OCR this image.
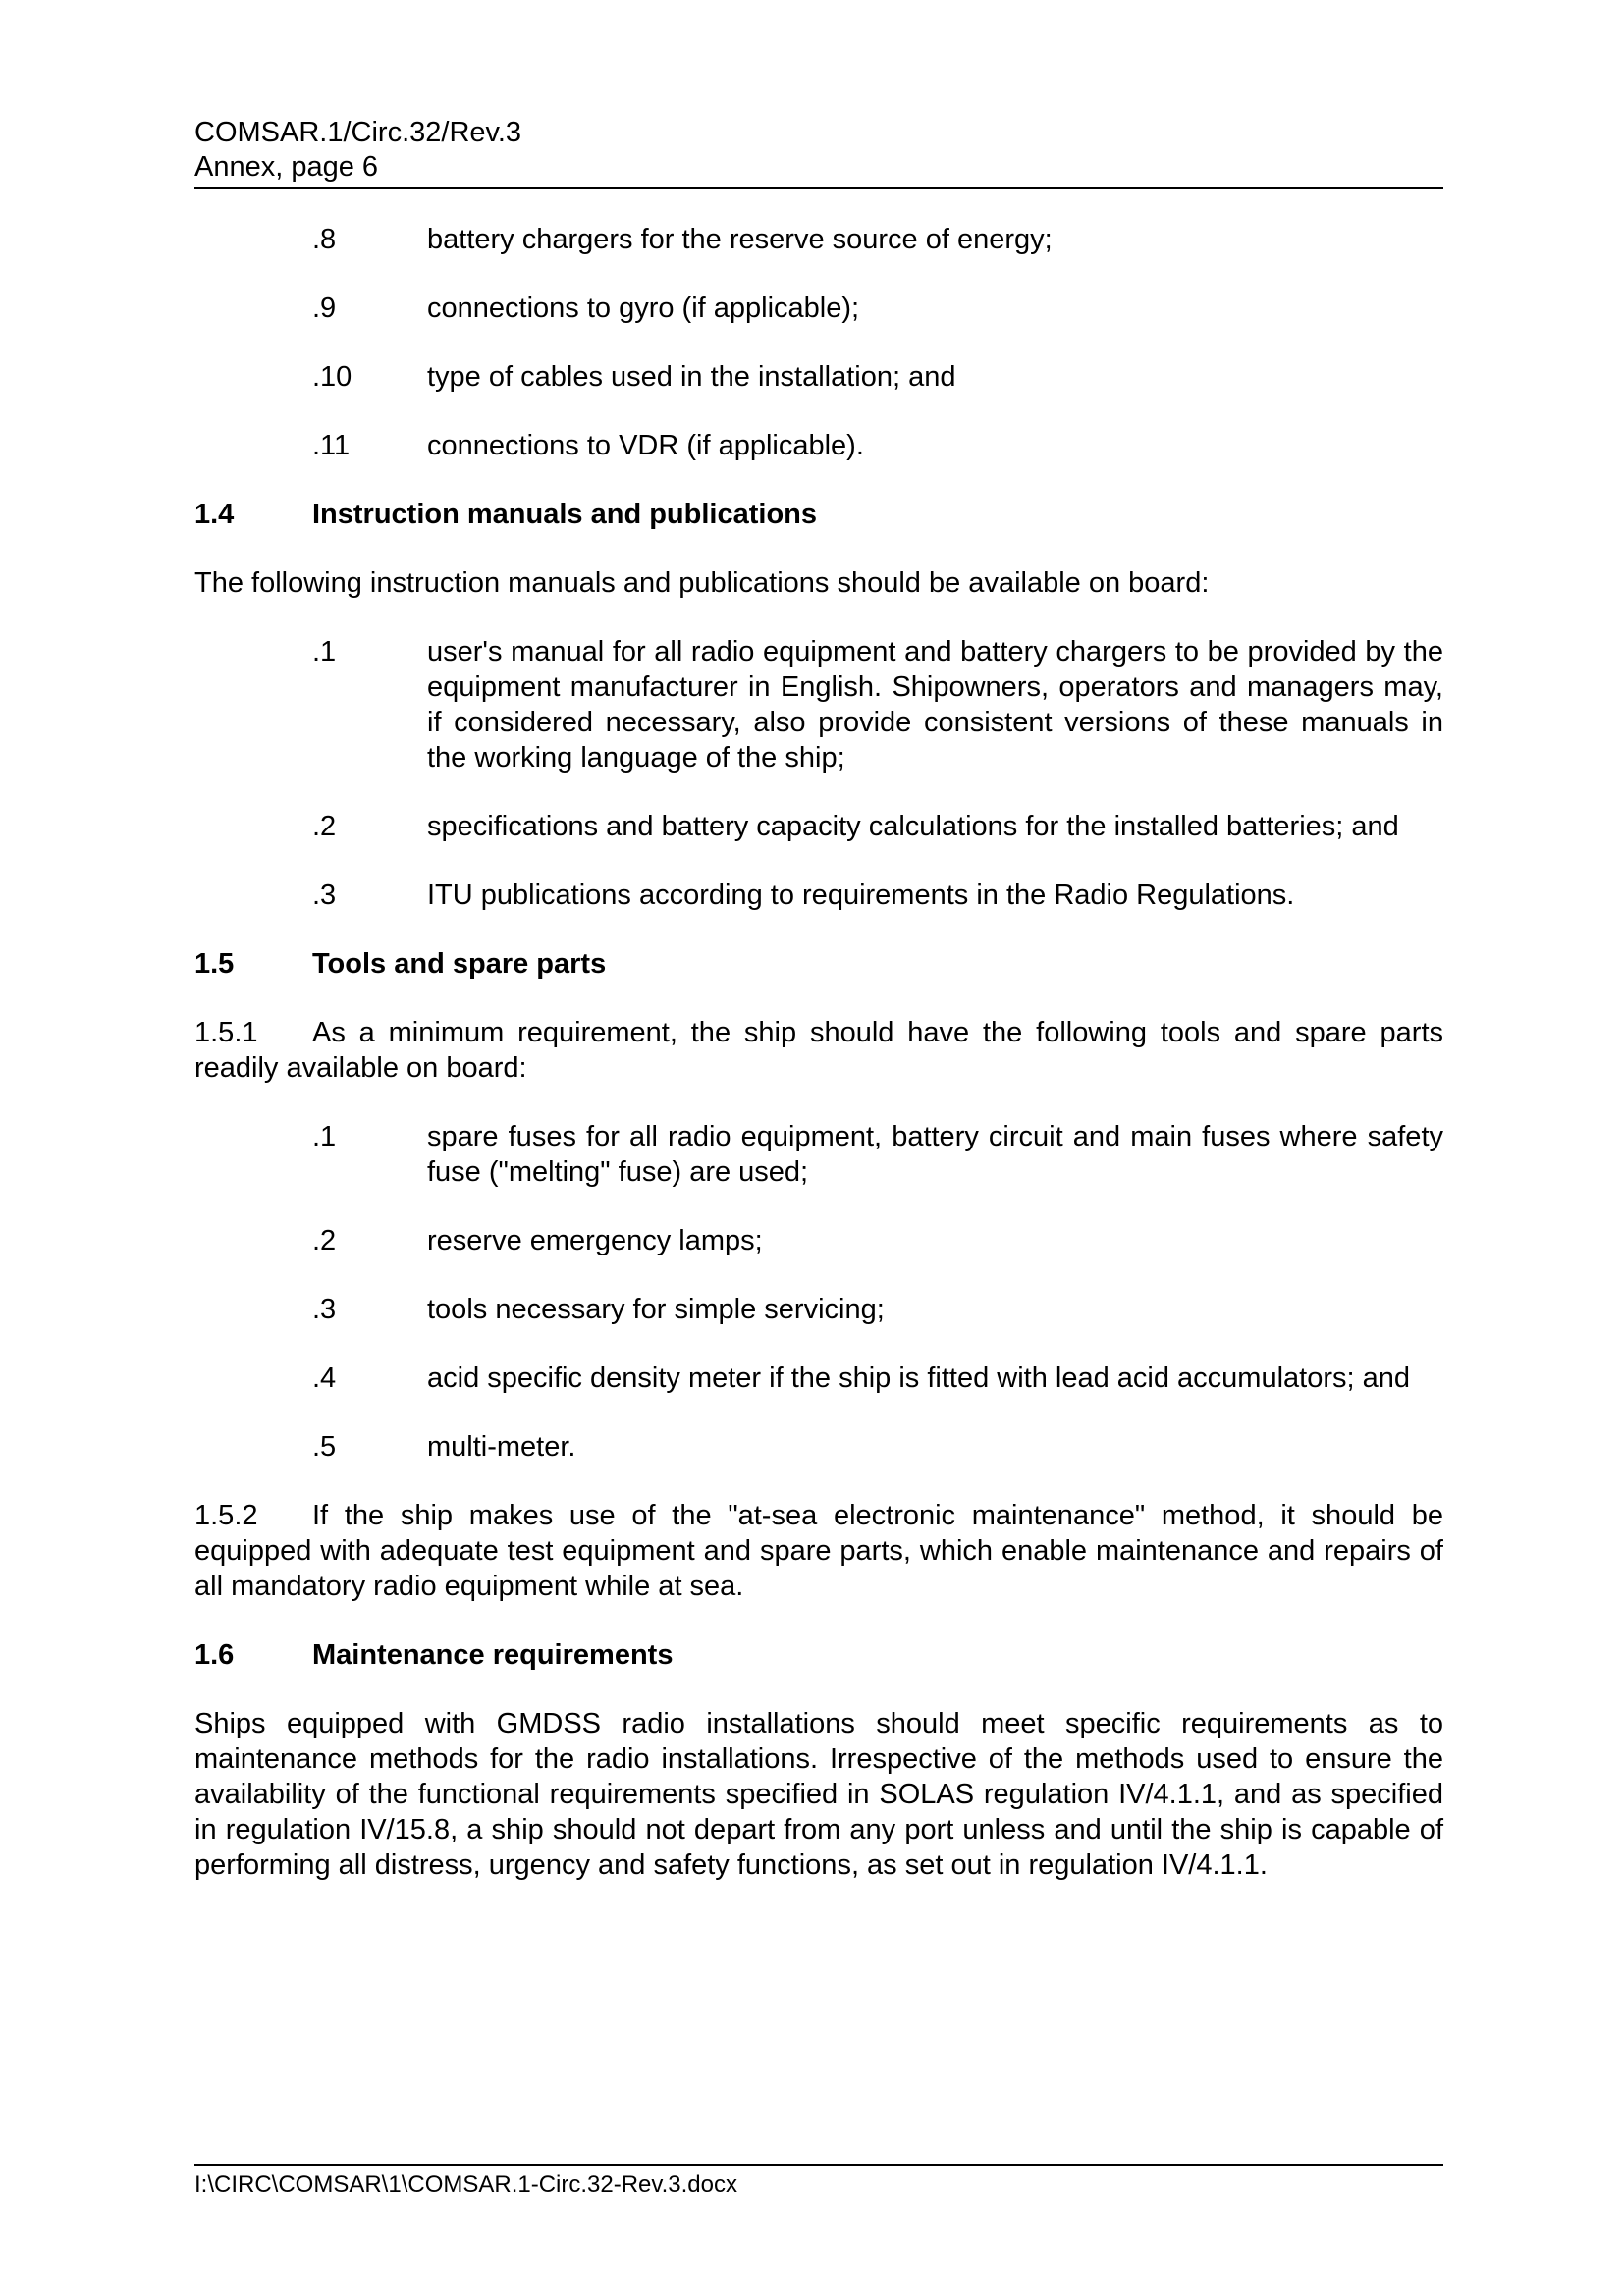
COMSAR.1/Circ.32/Rev.3
Annex, page 6
.8	battery chargers for the reserve source of energy;
.9	connections to gyro (if applicable);
.10	type of cables used in the installation; and
.11	connections to VDR (if applicable).
1.4	Instruction manuals and publications
The following instruction manuals and publications should be available on board:
.1	user's manual for all radio equipment and battery chargers to be provided by the equipment manufacturer in English. Shipowners, operators and managers may, if considered necessary, also provide consistent versions of these manuals in the working language of the ship;
.2	specifications and battery capacity calculations for the installed batteries; and
.3	ITU publications according to requirements in the Radio Regulations.
1.5	Tools and spare parts
1.5.1 As a minimum requirement, the ship should have the following tools and spare parts readily available on board:
.1	spare fuses for all radio equipment, battery circuit and main fuses where safety fuse ("melting" fuse) are used;
.2	reserve emergency lamps;
.3	tools necessary for simple servicing;
.4	acid specific density meter if the ship is fitted with lead acid accumulators; and
.5	multi-meter.
1.5.2 If the ship makes use of the "at-sea electronic maintenance" method, it should be equipped with adequate test equipment and spare parts, which enable maintenance and repairs of all mandatory radio equipment while at sea.
1.6	Maintenance requirements
Ships equipped with GMDSS radio installations should meet specific requirements as to maintenance methods for the radio installations. Irrespective of the methods used to ensure the availability of the functional requirements specified in SOLAS regulation IV/4.1.1, and as specified in regulation IV/15.8, a ship should not depart from any port unless and until the ship is capable of performing all distress, urgency and safety functions, as set out in regulation IV/4.1.1.
I:\CIRC\COMSAR\1\COMSAR.1-Circ.32-Rev.3.docx
